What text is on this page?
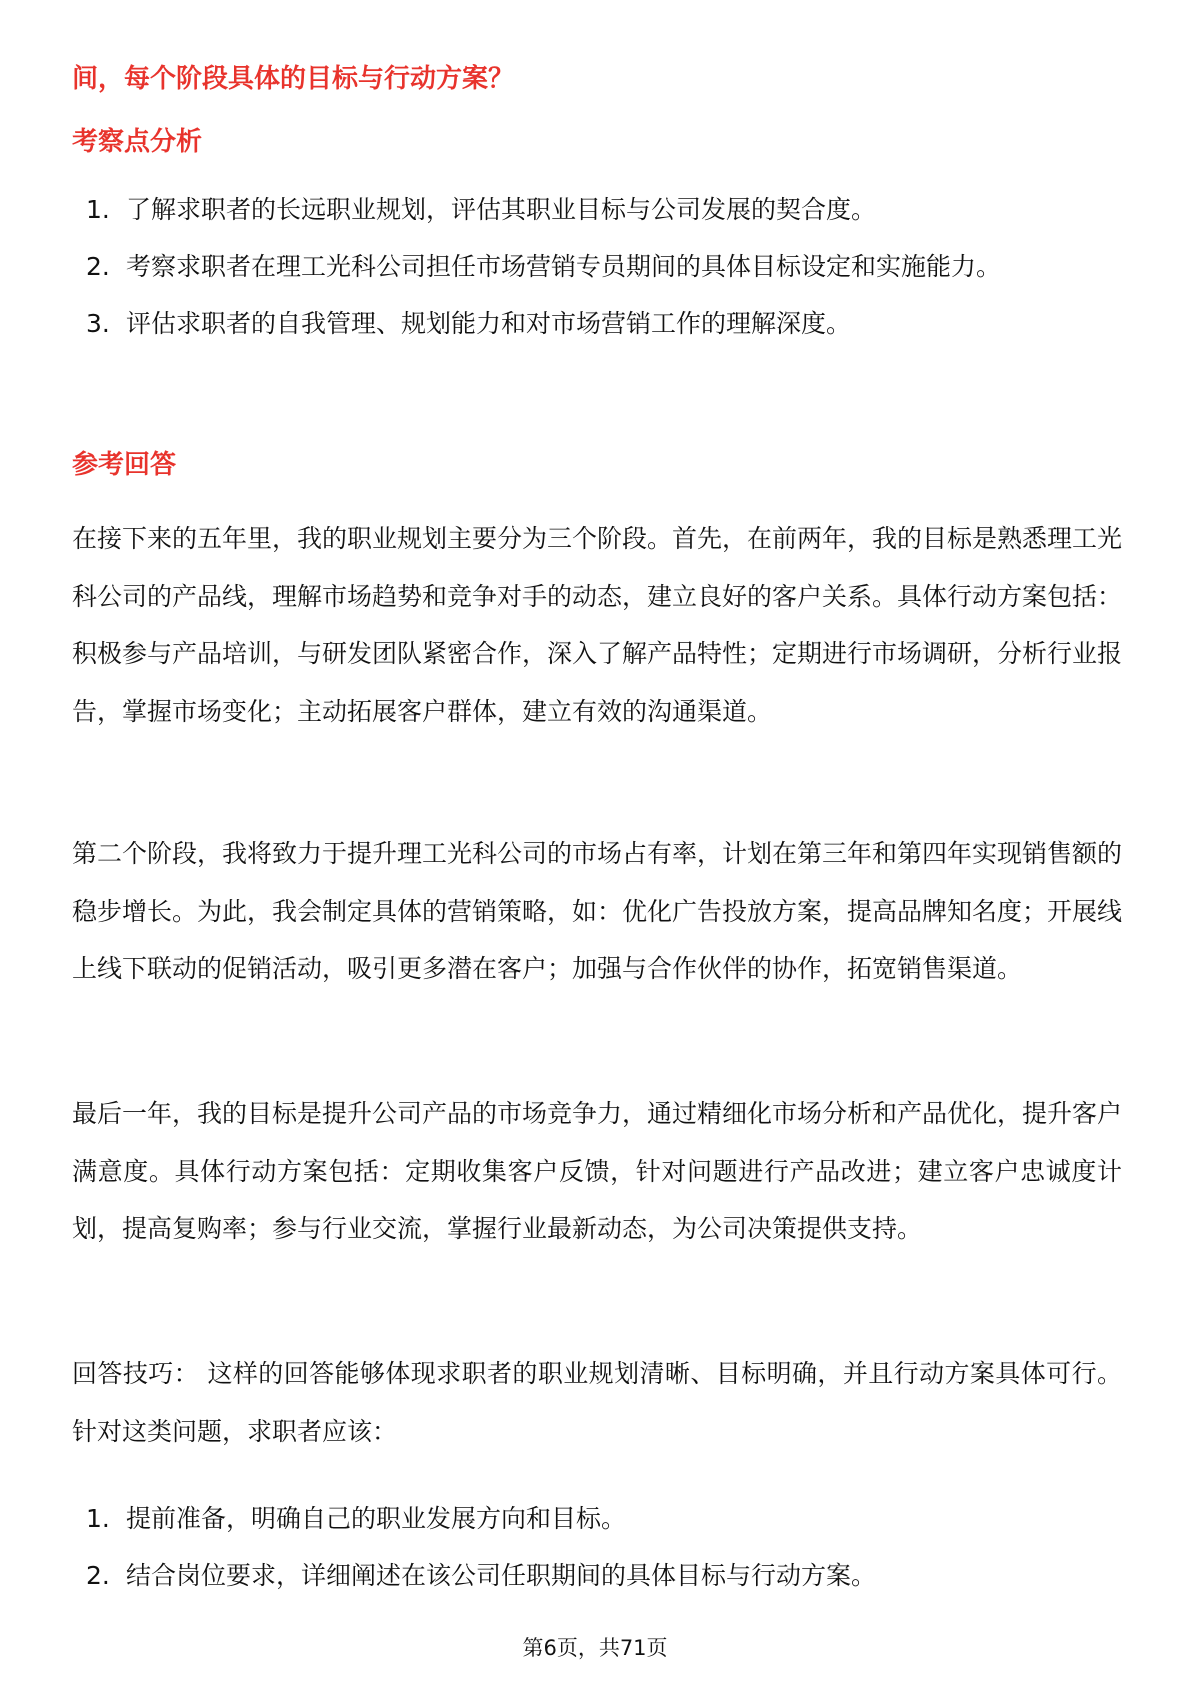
间，每个阶段具体的目标与行动方案？
考察点分析
1. 了解求职者的长远职业规划，评估其职业目标与公司发展的契合度。
2. 考察求职者在理工光科公司担任市场营销专员期间的具体目标设定和实施能力。
3. 评估求职者的自我管理、规划能力和对市场营销工作的理解深度。
参考回答

在接下来的五年里，我的职业规划主要分为三个阶段。首先，在前两年，我的目标是熟悉理工光科公司的产品线，理解市场趋势和竞争对手的动态，建立良好的客户关系。具体行动方案包括：积极参与产品培训，与研发团队紧密合作，深入了解产品特性；定期进行市场调研，分析行业报告，掌握市场变化；主动拓展客户群体，建立有效的沟通渠道。

第二个阶段，我将致力于提升理工光科公司的市场占有率，计划在第三年和第四年实现销售额的稳步增长。为此，我会制定具体的营销策略，如：优化广告投放方案，提高品牌知名度；开展线上线下联动的促销活动，吸引更多潜在客户；加强与合作伙伴的协作，拓宽销售渠道。

最后一年，我的目标是提升公司产品的市场竞争力，通过精细化市场分析和产品优化，提升客户满意度。具体行动方案包括：定期收集客户反馈，针对问题进行产品改进；建立客户忠诚度计划，提高复购率；参与行业交流，掌握行业最新动态，为公司决策提供支持。

回答技巧： 这样的回答能够体现求职者的职业规划清晰、目标明确，并且行动方案具体可行。针对这类问题，求职者应该：

1. 提前准备，明确自己的职业发展方向和目标。
2. 结合岗位要求，详细阐述在该公司任职期间的具体目标与行动方案。
第6页，共71页
